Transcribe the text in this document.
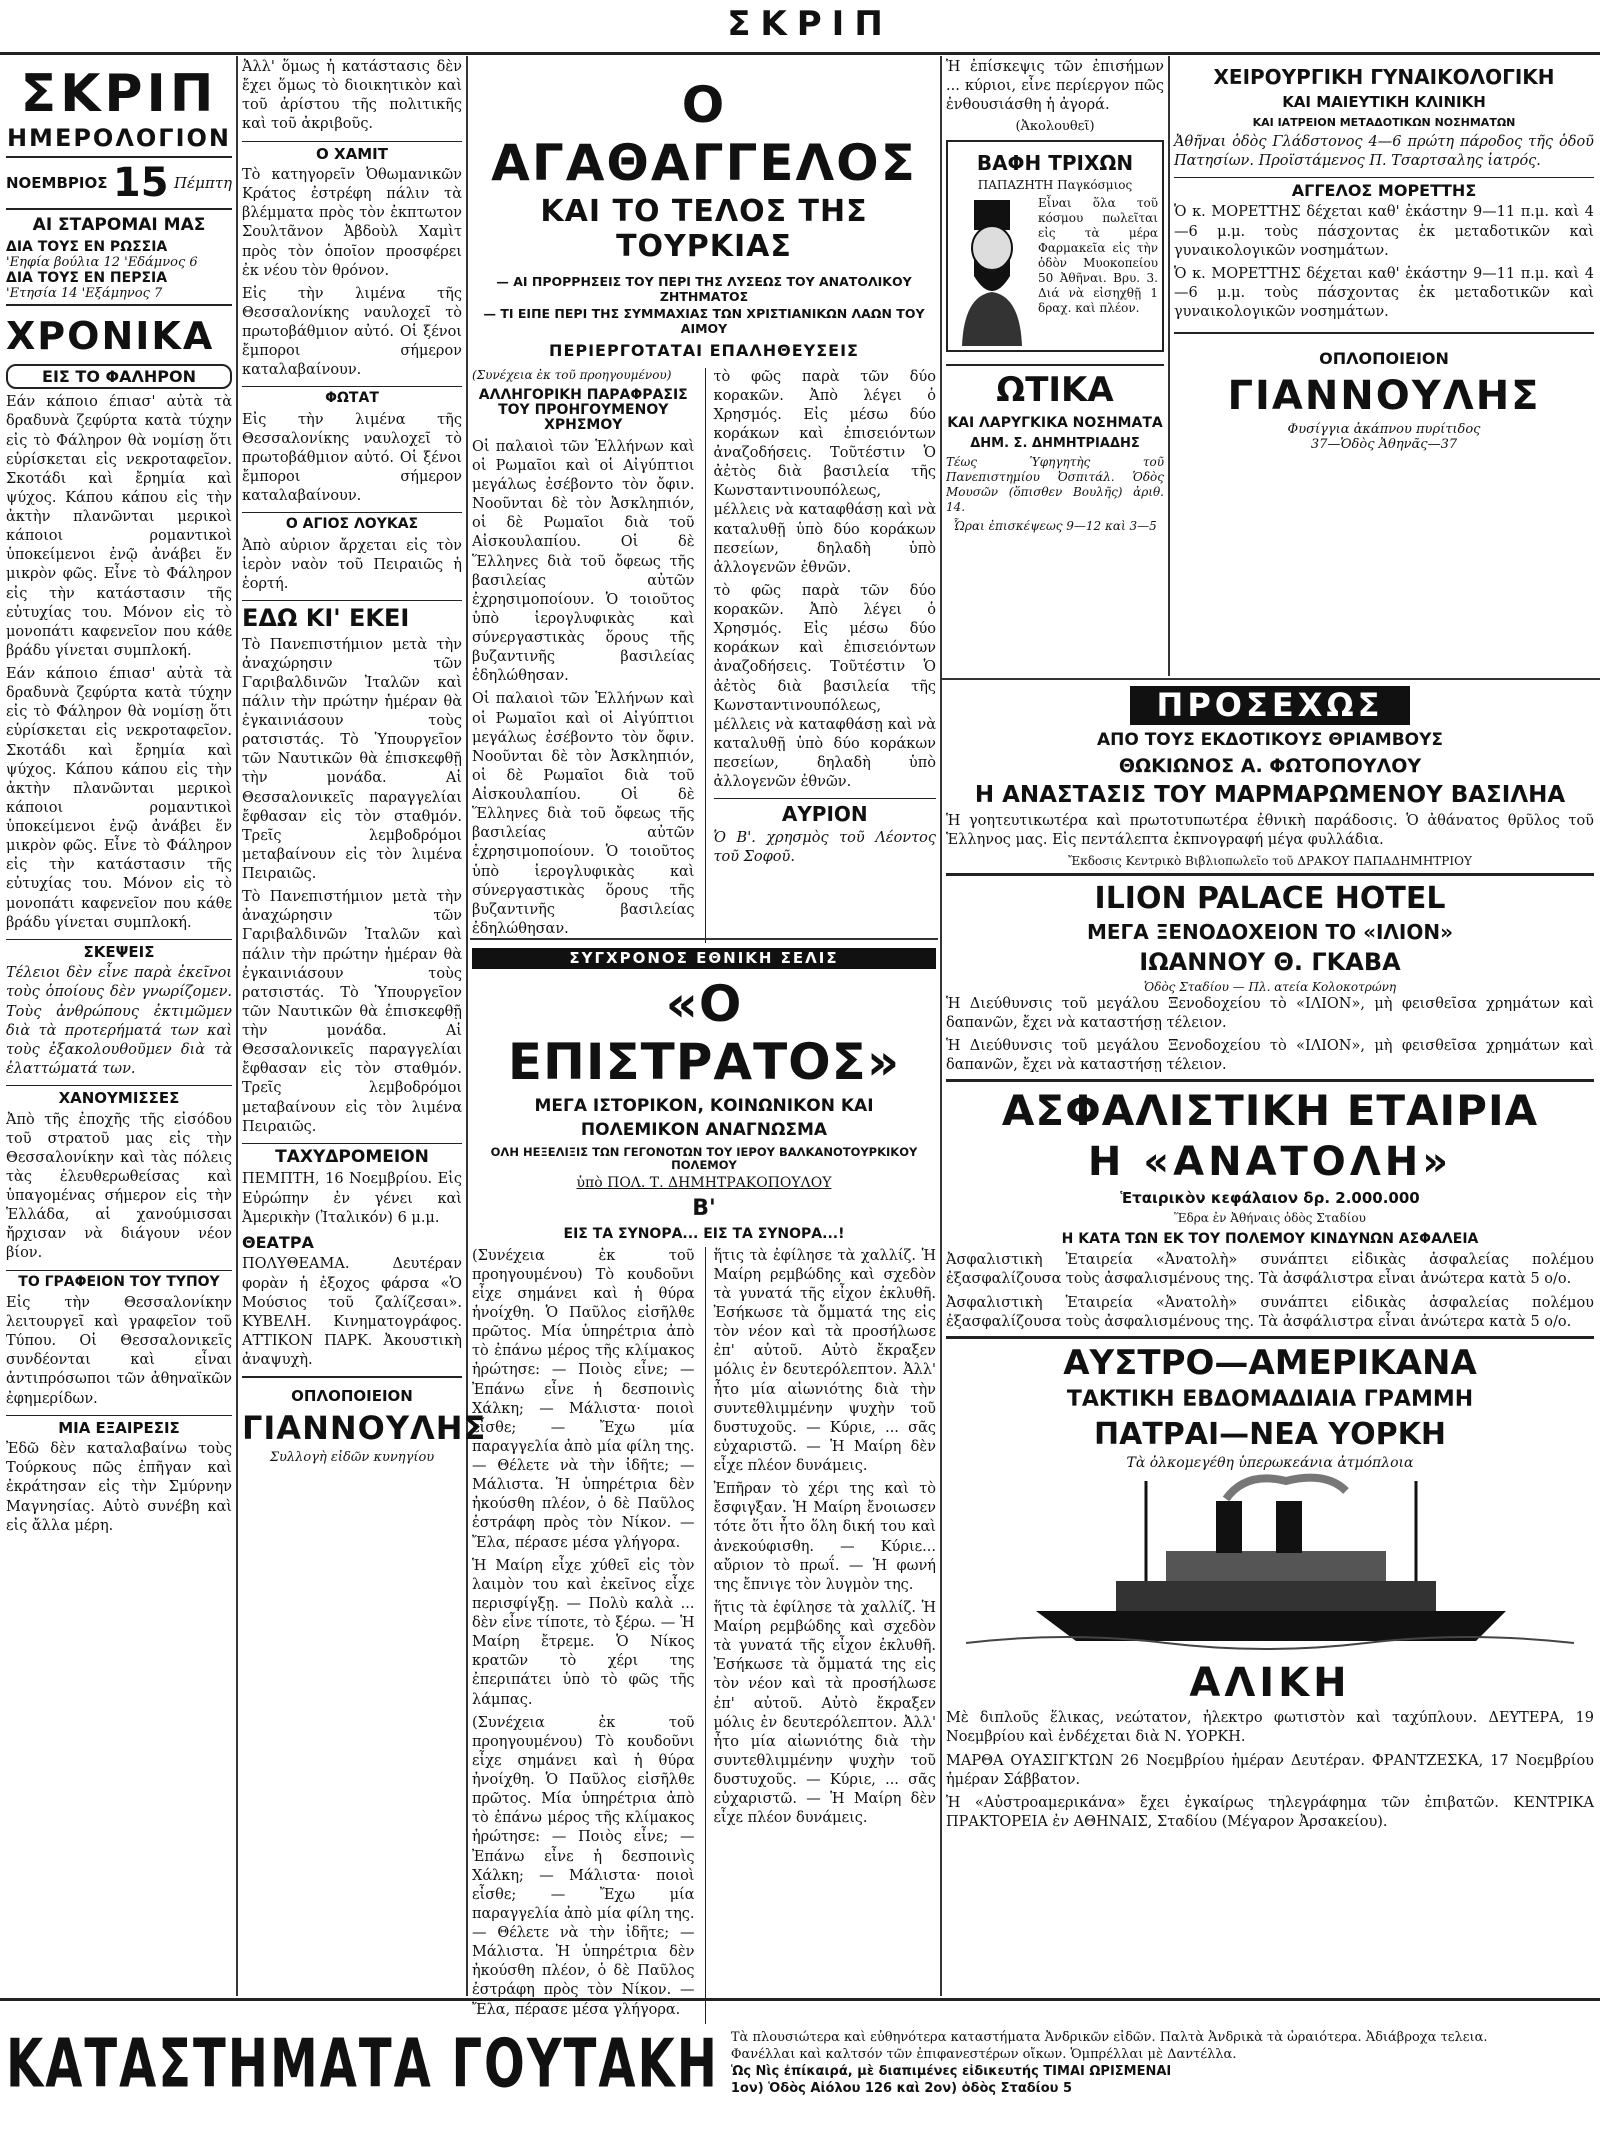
ΣΚΡΙΠ
ΣΚΡΙΠ
ΗΜΕΡΟΛΟΓΙΟΝ
ΝΟΕΜΒΡΙΟΣ 15 Πέμπτη
ΑΙ ΣΤΑΡΟΜΑΙ ΜΑΣ
ΔΙΑ ΤΟΥΣ ΕΝ ΡΩΣΣΙΑ
'Εηφία βούλια 12 'Εδάμνος 6
ΔΙΑ ΤΟΥΣ ΕΝ ΠΕΡΣΙΑ
'Ετησία 14 'Εξάμηνος 7
ΧΡΟΝΙΚΑ
ΕΙΣ ΤΟ ΦΑΛΗΡΟΝ

Εάν κάποιο έπιασ' αὐτὰ τὰ δραδυνὰ ζεφύρτα κατὰ τύχην εἰς τὸ Φάληρον θὰ νομίσῃ ὅτι εὑρίσκεται εἰς νεκροταφεῖον. Σκοτάδι καὶ ἔρημία καὶ ψύχος. Κάπου κάπου εἰς τὴν ἀκτὴν πλανῶνται μερικοὶ κάποιοι ρομαντικοὶ ὑποκείμενοι ἐνῷ ἀνάβει ἕν μικρὸν φῶς. Εἶνε τὸ Φάληρον εἰς τὴν κατάστασιν τῆς εὐτυχίας του. Μόνον εἰς τὸ μονοπάτι καφενεῖον που κάθε βράδυ γίνεται συμπλοκή.

Εάν κάποιο έπιασ' αὐτὰ τὰ δραδυνὰ ζεφύρτα κατὰ τύχην εἰς τὸ Φάληρον θὰ νομίσῃ ὅτι εὑρίσκεται εἰς νεκροταφεῖον. Σκοτάδι καὶ ἔρημία καὶ ψύχος. Κάπου κάπου εἰς τὴν ἀκτὴν πλανῶνται μερικοὶ κάποιοι ρομαντικοὶ ὑποκείμενοι ἐνῷ ἀνάβει ἕν μικρὸν φῶς. Εἶνε τὸ Φάληρον εἰς τὴν κατάστασιν τῆς εὐτυχίας του. Μόνον εἰς τὸ μονοπάτι καφενεῖον που κάθε βράδυ γίνεται συμπλοκή.

ΣΚΕΨΕΙΣ

Τέλειοι δὲν εἶνε παρὰ ἐκεῖνοι τοὺς ὁποίους δὲν γνωρίζομεν. Τοὺς ἀνθρώπους ἐκτιμῶμεν διὰ τὰ προτερήματά των καὶ τοὺς ἐξακολουθοῦμεν διὰ τὰ ἐλαττώματά των.

ΧΑΝΟΥΜΙΣΣΕΣ

Ἀπὸ τῆς ἐποχῆς τῆς εἰσόδου τοῦ στρατοῦ μας εἰς τὴν Θεσσαλονίκην καὶ τὰς πόλεις τὰς ἐλευθερωθείσας καὶ ὑπαγομένας σήμερον εἰς τὴν Ἑλλάδα, αἱ χανούμισσαι ἤρχισαν νὰ διάγουν νέον βίον.

ΤΟ ΓΡΑΦΕΙΟΝ ΤΟΥ ΤΥΠΟΥ

Εἰς τὴν Θεσσαλονίκην λειτουργεῖ καὶ γραφεῖον τοῦ Τύπου. Οἱ Θεσσαλονικεῖς συνδέονται καὶ εἶναι ἀντιπρόσωποι τῶν ἀθηναϊκῶν ἐφημερίδων.

ΜΙΑ ΕΞΑΙΡΕΣΙΣ

Ἐδῶ δὲν καταλαβαίνω τοὺς Τούρκους πῶς ἐπῆγαν καὶ ἐκράτησαν εἰς τὴν Σμύρνην Μαγνησίας. Αὐτὸ συνέβη καὶ εἰς ἄλλα μέρη.

Ἀλλ' ὅμως ἡ κατάστασις δὲν ἔχει ὅμως τὸ διοικητικὸν καὶ τοῦ ἀρίστου τῆς πολιτικῆς καὶ τοῦ ἀκριβοῦς.

Ο ΧΑΜΙΤ

Τὸ κατηγορεῖν Ὀθωμανικῶν Κράτος ἐστρέφη πάλιν τὰ βλέμματα πρὸς τὸν ἐκπτωτον Σουλτᾶνον Ἀβδοὺλ Χαμὶτ πρὸς τὸν ὁποῖον προσφέρει ἐκ νέου τὸν θρόνον.

Εἰς τὴν λιμένα τῆς Θεσσαλονίκης ναυλοχεῖ τὸ πρωτοβάθμιον αὐτό. Οἱ ξένοι ἔμποροι σήμερον καταλαβαίνουν.

ΦΩΤΑΤ

Εἰς τὴν λιμένα τῆς Θεσσαλονίκης ναυλοχεῖ τὸ πρωτοβάθμιον αὐτό. Οἱ ξένοι ἔμποροι σήμερον καταλαβαίνουν.

Ο ΑΓΙΟΣ ΛΟΥΚΑΣ

Ἀπὸ αὐριον ἄρχεται εἰς τὸν ἱερὸν ναὸν τοῦ Πειραιῶς ἡ ἑορτή.

ΕΔΩ ΚΙ' ΕΚΕΙ

Τὸ Πανεπιστήμιον μετὰ τὴν ἀναχώρησιν τῶν Γαριβαλδινῶν Ἰταλῶν καὶ πάλιν τὴν πρώτην ἡμέραν θὰ ἐγκαινιάσουν τοὺς ρατσιστάς. Τὸ Ὑπουργεῖον τῶν Ναυτικῶν θὰ ἐπισκεφθῇ τὴν μονάδα. Αἱ Θεσσαλονικεῖς παραγγελίαι ἔφθασαν εἰς τὸν σταθμόν. Τρεῖς λεμβοδρόμοι μεταβαίνουν εἰς τὸν λιμένα Πειραιῶς.

Τὸ Πανεπιστήμιον μετὰ τὴν ἀναχώρησιν τῶν Γαριβαλδινῶν Ἰταλῶν καὶ πάλιν τὴν πρώτην ἡμέραν θὰ ἐγκαινιάσουν τοὺς ρατσιστάς. Τὸ Ὑπουργεῖον τῶν Ναυτικῶν θὰ ἐπισκεφθῇ τὴν μονάδα. Αἱ Θεσσαλονικεῖς παραγγελίαι ἔφθασαν εἰς τὸν σταθμόν. Τρεῖς λεμβοδρόμοι μεταβαίνουν εἰς τὸν λιμένα Πειραιῶς.

ΤΑΧΥΔΡΟΜΕΙΟΝ

ΠΕΜΠΤΗ, 16 Νοεμβρίου. Εἰς Εὐρώπην ἐν γένει καὶ Ἀμερικὴν (Ἰταλικόν) 6 μ.μ.

ΘΕΑΤΡΑ

ΠΟΛΥΘΕΑΜΑ. Δευτέραν φορὰν ἡ ἐξοχος φάρσα «Ὁ Μούσιος τοῦ ζαλίζεσαι». ΚΥΒΕΛΗ. Κινηματογράφος. ΑΤΤΙΚΟΝ ΠΑΡΚ. Ἀκουστικὴ ἀναψυχὴ.

ΟΠΛΟΠΟΙΕΙΟΝ
ΓΙΑΝΝΟΥΛΗΣ
Συλλογὴ εἰδῶν κυνηγίου
Ο ΑΓΑΘΑΓΓΕΛΟΣ
ΚΑΙ ΤΟ ΤΕΛΟΣ ΤΗΣ ΤΟΥΡΚΙΑΣ
— ΑΙ ΠΡΟΡΡΗΣΕΙΣ ΤΟΥ ΠΕΡΙ ΤΗΣ ΛΥΣΕΩΣ ΤΟΥ ΑΝΑΤΟΛΙΚΟΥ ΖΗΤΗΜΑΤΟΣ
— ΤΙ ΕΙΠΕ ΠΕΡΙ ΤΗΣ ΣΥΜΜΑΧΙΑΣ ΤΩΝ ΧΡΙΣΤΙΑΝΙΚΩΝ ΛΑΩΝ ΤΟΥ ΑΙΜΟΥ
ΠΕΡΙΕΡΓΟΤΑΤΑΙ ΕΠΑΛΗΘΕΥΣΕΙΣ
(Συνέχεια ἐκ τοῦ προηγουμένου)
ΑΛΛΗΓΟΡΙΚΗ ΠΑΡΑΦΡΑΣΙΣ ΤΟΥ ΠΡΟΗΓΟΥΜΕΝΟΥ ΧΡΗΣΜΟΥ

Οἱ παλαιοὶ τῶν Ἑλλήνων καὶ οἱ Ρωμαῖοι καὶ οἱ Αἰγύπτιοι μεγάλως ἐσέβοντο τὸν ὄφιν. Νοοῦνται δὲ τὸν Ἀσκληπιόν, οἱ δὲ Ρωμαῖοι διὰ τοῦ Αἰσκουλαπίου. Οἱ δὲ Ἕλληνες διὰ τοῦ ὄφεως τῆς βασιλείας αὐτῶν ἐχρησιμοποίουν. Ὁ τοιοῦτος ὑπὸ ἰερογλυφικὰς καὶ σύνεργαστικὰς ὅρους τῆς βυζαντινῆς βασιλείας ἐδηλώθησαν.

Οἱ παλαιοὶ τῶν Ἑλλήνων καὶ οἱ Ρωμαῖοι καὶ οἱ Αἰγύπτιοι μεγάλως ἐσέβοντο τὸν ὄφιν. Νοοῦνται δὲ τὸν Ἀσκληπιόν, οἱ δὲ Ρωμαῖοι διὰ τοῦ Αἰσκουλαπίου. Οἱ δὲ Ἕλληνες διὰ τοῦ ὄφεως τῆς βασιλείας αὐτῶν ἐχρησιμοποίουν. Ὁ τοιοῦτος ὑπὸ ἰερογλυφικὰς καὶ σύνεργαστικὰς ὅρους τῆς βυζαντινῆς βασιλείας ἐδηλώθησαν.

τὸ φῶς παρὰ τῶν δύο κορακῶν. Ἀπὸ λέγει ὁ Χρησμός. Εἰς μέσω δύο κοράκων καὶ ἐπισειόντων ἀναζοδήσεις. Τοῦτέστιν Ὁ ἀἐτὸς διὰ βασιλεία τῆς Κωνσταντινουπόλεως, μέλλεις νὰ καταφθάσῃ καὶ νὰ καταλυθῇ ὑπὸ δύο κοράκων πεσείων, δηλαδὴ ὑπὸ ἀλλογενῶν ἐθνῶν.

τὸ φῶς παρὰ τῶν δύο κορακῶν. Ἀπὸ λέγει ὁ Χρησμός. Εἰς μέσω δύο κοράκων καὶ ἐπισειόντων ἀναζοδήσεις. Τοῦτέστιν Ὁ ἀἐτὸς διὰ βασιλεία τῆς Κωνσταντινουπόλεως, μέλλεις νὰ καταφθάσῃ καὶ νὰ καταλυθῇ ὑπὸ δύο κοράκων πεσείων, δηλαδὴ ὑπὸ ἀλλογενῶν ἐθνῶν.

ΑΥΡΙΟΝ

Ὁ Β'. χρησμὸς τοῦ Λέοντος τοῦ Σοφοῦ.

ΣΥΓΧΡΟΝΟΣ ΕΘΝΙΚΗ ΣΕΛΙΣ
«Ο ΕΠΙΣΤΡΑΤΟΣ»
ΜΕΓΑ ΙΣΤΟΡΙΚΟΝ, ΚΟΙΝΩΝΙΚΟΝ ΚΑΙ
ΠΟΛΕΜΙΚΟΝ ΑΝΑΓΝΩΣΜΑ
ΟΛΗ ΗΕΞΕΛΙΞΙΣ ΤΩΝ ΓΕΓΟΝΟΤΩΝ ΤΟΥ ΙΕΡΟΥ ΒΑΛΚΑΝΟΤΟΥΡΚΙΚΟΥ ΠΟΛΕΜΟΥ
ὑπὸ ΠΟΛ. Τ. ΔΗΜΗΤΡΑΚΟΠΟΥΛΟΥ
Β'
ΕΙΣ ΤΑ ΣΥΝΟΡΑ... ΕΙΣ ΤΑ ΣΥΝΟΡΑ...!

(Συνέχεια ἐκ τοῦ προηγουμένου) Τὸ κουδοῦνι εἶχε σημάνει καὶ ἡ θύρα ἠνοίχθη. Ὁ Παῦλος εἰσῆλθε πρῶτος. Μία ὑπηρέτρια ἀπὸ τὸ ἐπάνω μέρος τῆς κλίμακος ἠρώτησε: — Ποιὸς εἶνε; — Ἐπάνω εἶνε ἡ δεσποινὶς Χάλκη; — Μάλιστα· ποιοὶ εἶσθε; — Ἔχω μία παραγγελία ἀπὸ μία φίλη της. — Θέλετε νὰ τὴν ἰδῆτε; — Μάλιστα. Ἡ ὑπηρέτρια δὲν ἠκούσθη πλέον, ὁ δὲ Παῦλος ἐστράφη πρὸς τὸν Νίκον. — Ἔλα, πέρασε μέσα γλήγορα.

Ἡ Μαίρη εἶχε χύθεῖ εἰς τὸν λαιμὸν του καὶ ἐκεῖνος εἶχε περισφίγξῃ. — Πολὺ καλὰ ... δὲν εἶνε τίποτε, τὸ ξέρω. — Ἡ Μαίρη ἔτρεμε. Ὁ Νίκος κρατῶν τὸ χέρι της ἐπεριπάτει ὑπὸ τὸ φῶς τῆς λάμπας.

(Συνέχεια ἐκ τοῦ προηγουμένου) Τὸ κουδοῦνι εἶχε σημάνει καὶ ἡ θύρα ἠνοίχθη. Ὁ Παῦλος εἰσῆλθε πρῶτος. Μία ὑπηρέτρια ἀπὸ τὸ ἐπάνω μέρος τῆς κλίμακος ἠρώτησε: — Ποιὸς εἶνε; — Ἐπάνω εἶνε ἡ δεσποινὶς Χάλκη; — Μάλιστα· ποιοὶ εἶσθε; — Ἔχω μία παραγγελία ἀπὸ μία φίλη της. — Θέλετε νὰ τὴν ἰδῆτε; — Μάλιστα. Ἡ ὑπηρέτρια δὲν ἠκούσθη πλέον, ὁ δὲ Παῦλος ἐστράφη πρὸς τὸν Νίκον. — Ἔλα, πέρασε μέσα γλήγορα.

ἥτις τὰ ἐφίλησε τὰ χαλλίζ. Ἡ Μαίρη ρεμβώδης καὶ σχεδὸν τὰ γυνατά τῆς εἶχον ἐκλυθῆ. Ἐσήκωσε τὰ ὄμματά της εἰς τὸν νέον καὶ τὰ προσήλωσε ἐπ' αὐτοῦ. Αὐτὸ ἔκραξεν μόλις ἐν δευτερόλεπτον. Ἀλλ' ἦτο μία αἰωνιότης διὰ τὴν συντεθλιμμένην ψυχὴν τοῦ δυστυχοῦς. — Κύριε, ... σᾶς εὐχαριστῶ. — Ἡ Μαίρη δὲν εἶχε πλέον δυνάμεις.

Ἐπῆραν τὸ χέρι της καὶ τὸ ἔσφιγξαν. Ἡ Μαίρη ἔνοιωσεν τότε ὅτι ἦτο ὅλη δική του καὶ ἀνεκούφισθη. — Κύριε... αὔριον τὸ πρωΐ. — Ἡ φωνή της ἔπνιγε τὸν λυγμὸν της.

ἥτις τὰ ἐφίλησε τὰ χαλλίζ. Ἡ Μαίρη ρεμβώδης καὶ σχεδὸν τὰ γυνατά τῆς εἶχον ἐκλυθῆ. Ἐσήκωσε τὰ ὄμματά της εἰς τὸν νέον καὶ τὰ προσήλωσε ἐπ' αὐτοῦ. Αὐτὸ ἔκραξεν μόλις ἐν δευτερόλεπτον. Ἀλλ' ἦτο μία αἰωνιότης διὰ τὴν συντεθλιμμένην ψυχὴν τοῦ δυστυχοῦς. — Κύριε, ... σᾶς εὐχαριστῶ. — Ἡ Μαίρη δὲν εἶχε πλέον δυνάμεις.

Ἡ ἐπίσκεψις τῶν ἐπισήμων ... κύριοι, εἶνε περίεργον πῶς ἐνθουσιάσθη ἡ ἀγορά.

(Ἀκολουθεῖ)
ΒΑΦΗ ΤΡΙΧΩΝ
ΠΑΠΑΖΗΤΗ Παγκόσμιος

Εἶναι ὅλα τοῦ κόσμου πωλεῖται εἰς τὰ μέρα Φαρμακεῖα εἰς τὴν ὁδὸν Μυοκοπείου 50 Ἀθῆναι. Βρυ. 3. Διά νὰ εἰσηχθῇ 1 δραχ. καὶ πλέον.

ΩΤΙΚΑ
ΚΑΙ ΛΑΡΥΓΚΙΚΑ ΝΟΣΗΜΑΤΑ
ΔΗΜ. Σ. ΔΗΜΗΤΡΙΑΔΗΣ

Τέως Ὑφηγητὴς τοῦ Πανεπιστημίου Ὀσπιτάλ. Ὁδὸς Μουσῶν (ὅπισθεν Βουλῆς) ἀριθ. 14.

Ὧραι ἐπισκέψεως 9—12 καὶ 3—5
ΧΕΙΡΟΥΡΓΙΚΗ ΓΥΝΑΙΚΟΛΟΓΙΚΗ
ΚΑΙ ΜΑΙΕΥΤΙΚΗ ΚΛΙΝΙΚΗ
ΚΑΙ ΙΑΤΡΕΙΟΝ ΜΕΤΑΔΟΤΙΚΩΝ ΝΟΣΗΜΑΤΩΝ

Ἀθῆναι ὁδὸς Γλάδστονος 4—6 πρώτη πάροδος τῆς ὁδοῦ Πατησίων. Προϊστάμενος Π. Τσαρτσαλης ἰατρός.

ΑΓΓΕΛΟΣ ΜΟΡΕΤΤΗΣ

Ὁ κ. ΜΟΡΕΤΤΗΣ δέχεται καθ' ἑκάστην 9—11 π.μ. καὶ 4—6 μ.μ. τοὺς πάσχοντας ἐκ μεταδοτικῶν καὶ γυναικολογικῶν νοσημάτων.

Ὁ κ. ΜΟΡΕΤΤΗΣ δέχεται καθ' ἑκάστην 9—11 π.μ. καὶ 4—6 μ.μ. τοὺς πάσχοντας ἐκ μεταδοτικῶν καὶ γυναικολογικῶν νοσημάτων.

ΟΠΛΟΠΟΙΕΙΟΝ
ΓΙΑΝΝΟΥΛΗΣ
Φυσίγγια ἀκάπνου πυρίτιδος
37—Ὁδὸς Ἀθηνᾶς—37
ΠΡΟΣΕΧΩΣ
ΑΠΟ ΤΟΥΣ ΕΚΔΟΤΙΚΟΥΣ ΘΡΙΑΜΒΟΥΣ
ΘΩΚΙΩΝΟΣ Α. ΦΩΤΟΠΟΥΛΟΥ
Η ΑΝΑΣΤΑΣΙΣ ΤΟΥ ΜΑΡΜΑΡΩΜΕΝΟΥ ΒΑΣΙΛΗΑ

Ἡ γοητευτικωτέρα καὶ πρωτοτυπωτέρα ἐθνικὴ παράδοσις. Ὁ ἀθάνατος θρῦλος τοῦ Ἑλληνος μας. Εἰς πεντάλεπτα ἐκπνογραφή μέγα φυλλάδια.

Ἔκδοσις Κεντρικὸ Βιβλιοπωλεῖο τοῦ ΔΡΑΚΟΥ ΠΑΠΑΔΗΜΗΤΡΙΟΥ
ILION PALACE HOTEL
ΜΕΓΑ ΞΕΝΟΔΟΧΕΙΟΝ ΤΟ «ΙΛΙΟΝ»
ΙΩΑΝΝΟΥ Θ. ΓΚΑΒΑ
Ὁδὸς Σταδίου — Πλ. ατεία Κολοκοτρώνη

Ἡ Διεύθυνσις τοῦ μεγάλου Ξενοδοχείου τὸ «ΙΛΙΟΝ», μὴ φεισθεῖσα χρημάτων καὶ δαπανῶν, ἔχει νὰ καταστήσῃ τέλειον.

Ἡ Διεύθυνσις τοῦ μεγάλου Ξενοδοχείου τὸ «ΙΛΙΟΝ», μὴ φεισθεῖσα χρημάτων καὶ δαπανῶν, ἔχει νὰ καταστήσῃ τέλειον.

ΑΣΦΑΛΙΣΤΙΚΗ ΕΤΑΙΡΙΑ
Η «ΑΝΑΤΟΛΗ»
Ἑταιρικὸν κεφάλαιον δρ. 2.000.000
Ἕδρα ἐν Ἀθήναις ὁδὸς Σταδίου
Η ΚΑΤΑ ΤΩΝ ΕΚ ΤΟΥ ΠΟΛΕΜΟΥ ΚΙΝΔΥΝΩΝ ΑΣΦΑΛΕΙΑ

Ἀσφαλιστικὴ Ἑταιρεία «Ἀνατολὴ» συνάπτει εἰδικὰς ἀσφαλείας πολέμου ἐξασφαλίζουσα τοὺς ἀσφαλισμένους της. Τὰ ἀσφάλιστρα εἶναι ἀνώτερα κατὰ 5 ο/ο.

Ἀσφαλιστικὴ Ἑταιρεία «Ἀνατολὴ» συνάπτει εἰδικὰς ἀσφαλείας πολέμου ἐξασφαλίζουσα τοὺς ἀσφαλισμένους της. Τὰ ἀσφάλιστρα εἶναι ἀνώτερα κατὰ 5 ο/ο.

ΑΥΣΤΡΟ—ΑΜΕΡΙΚΑΝΑ
ΤΑΚΤΙΚΗ ΕΒΔΟΜΑΔΙΑΙΑ ΓΡΑΜΜΗ
ΠΑΤΡΑΙ—ΝΕΑ ΥΟΡΚΗ
Τὰ ὀλκομεγέθη ὑπερωκεάνια ἀτμόπλοια
ΑΛΙΚΗ

Μὲ διπλοῦς ἕλικας, νεώτατον, ἠλεκτρο φωτιστὸν καὶ ταχύπλουν. ΔΕΥΤΕΡΑ, 19 Νοεμβρίου καὶ ἐνδέχεται διὰ Ν. ΥΟΡΚΗ.

ΜΑΡΘΑ ΟΥΑΣΙΓΚΤΩΝ 26 Νοεμβρίου ἡμέραν Δευτέραν. ΦΡΑΝΤΖΕΣΚΑ, 17 Νοεμβρίου ἡμέραν Σάββατον.

Ἡ «Αὐστροαμερικάνα» ἔχει ἐγκαίρως τηλεγράφημα τῶν ἐπιβατῶν. ΚΕΝΤΡΙΚΑ ΠΡΑΚΤΟΡΕΙΑ ἐν ΑΘΗΝΑΙΣ, Σταδίου (Μέγαρον Ἀρσακείου).

ΚΑΤΑΣΤΗΜΑΤΑ ΓΟΥΤΑΚΗ Τὰ πλουσιώτερα καὶ εὐθηνότερα καταστήματα Ἀνδρικῶν εἰδῶν. Παλτὰ Ἀνδρικὰ τὰ ὡραιότερα. Ἀδιάβροχα τελεια.
Φανέλλαι καὶ καλτσόν τῶν ἐπιφανεστέρων οἴκων. Ὁμπρέλλαι μὲ Δαντέλλα.
Ὡς Νὶς ἐπίκαιρά, μὲ διαπιμένες εἰδικευτής ΤΙΜΑΙ ΩΡΙΣΜΕΝΑΙ
1ον) Ὁδὸς Αἰόλου 126 καὶ 2ον) ὁδὸς Σταδίου 5
